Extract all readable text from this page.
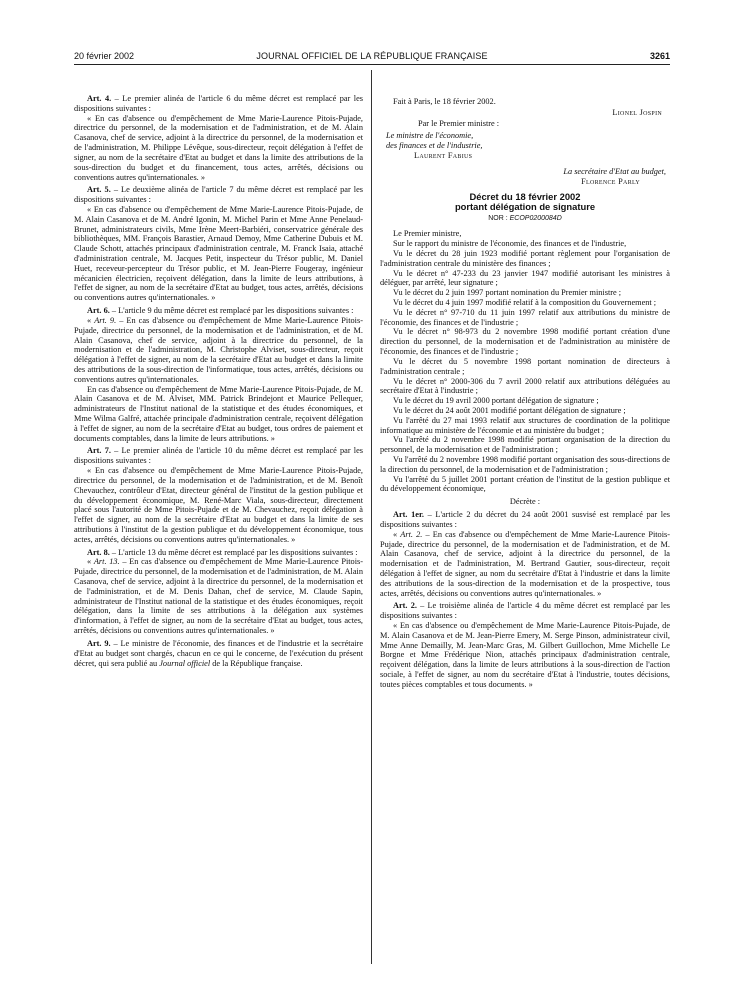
20 février 2002	JOURNAL OFFICIEL DE LA RÉPUBLIQUE FRANÇAISE	3261

Art. 4. – Le premier alinéa de l'article 6 du même décret est remplacé par les dispositions suivantes :

« En cas d'absence ou d'empêchement de Mme Marie-Laurence Pitois-Pujade, directrice du personnel, de la modernisation et de l'administration, et de M. Alain Casanova, chef de service, adjoint à la directrice du personnel, de la modernisation et de l'administration, M. Philippe Lévêque, sous-directeur, reçoit délégation à l'effet de signer, au nom de la secrétaire d'Etat au budget et dans la limite des attributions de la sous-direction du budget et du financement, tous actes, arrêtés, décisions ou conventions autres qu'internationales. »

Art. 5. – Le deuxième alinéa de l'article 7 du même décret est remplacé par les dispositions suivantes :

« En cas d'absence ou d'empêchement de Mme Marie-Laurence Pitois-Pujade, de M. Alain Casanova et de M. André Igonin, M. Michel Parin et Mme Anne Penelaud-Brunet, administrateurs civils, Mme Irène Meert-Barbiéri, conservatrice générale des bibliothèques, MM. François Barastier, Arnaud Demoy, Mme Catherine Dubuis et M. Claude Schott, attachés principaux d'administration centrale, M. Franck Isaia, attaché d'administration centrale, M. Jacques Petit, inspecteur du Trésor public, M. Daniel Huet, receveur-percepteur du Trésor public, et M. Jean-Pierre Fougeray, ingénieur mécanicien électricien, reçoivent délégation, dans la limite de leurs attributions, à l'effet de signer, au nom de la secrétaire d'Etat au budget, tous actes, arrêtés, décisions ou conventions autres qu'internationales. »

Art. 6. – L'article 9 du même décret est remplacé par les dispositions suivantes :

« Art. 9. – En cas d'absence ou d'empêchement de Mme Marie-Laurence Pitois-Pujade, directrice du personnel, de la modernisation et de l'administration, et de M. Alain Casanova, chef de service, adjoint à la directrice du personnel, de la modernisation et de l'administration, M. Christophe Alviset, sous-directeur, reçoit délégation à l'effet de signer, au nom de la secrétaire d'Etat au budget et dans la limite des attributions de la sous-direction de l'informatique, tous actes, arrêtés, décisions ou conventions autres qu'internationales.

En cas d'absence ou d'empêchement de Mme Marie-Laurence Pitois-Pujade, de M. Alain Casanova et de M. Alviset, MM. Patrick Brindejont et Maurice Pellequer, administrateurs de l'Institut national de la statistique et des études économiques, et Mme Wilma Galfré, attachée principale d'administration centrale, reçoivent délégation à l'effet de signer, au nom de la secrétaire d'Etat au budget, tous ordres de paiement et documents comptables, dans la limite de leurs attributions. »

Art. 7. – Le premier alinéa de l'article 10 du même décret est remplacé par les dispositions suivantes :

« En cas d'absence ou d'empêchement de Mme Marie-Laurence Pitois-Pujade, directrice du personnel, de la modernisation et de l'administration, et de M. Benoît Chevauchez, contrôleur d'Etat, directeur général de l'institut de la gestion publique et du développement économique, M. René-Marc Viala, sous-directeur, directement placé sous l'autorité de Mme Pitois-Pujade et de M. Chevauchez, reçoit délégation à l'effet de signer, au nom de la secrétaire d'Etat au budget et dans la limite de ses attributions à l'institut de la gestion publique et du développement économique, tous actes, arrêtés, décisions ou conventions autres qu'internationales. »

Art. 8. – L'article 13 du même décret est remplacé par les dispositions suivantes :

« Art. 13. – En cas d'absence ou d'empêchement de Mme Marie-Laurence Pitois-Pujade, directrice du personnel, de la modernisation et de l'administration, de M. Alain Casanova, chef de service, adjoint à la directrice du personnel, de la modernisation et de l'administration, et de M. Denis Dahan, chef de service, M. Claude Sapin, administrateur de l'Institut national de la statistique et des études économiques, reçoit délégation, dans la limite de ses attributions à la délégation aux systèmes d'information, à l'effet de signer, au nom de la secrétaire d'Etat au budget, tous actes, arrêtés, décisions ou conventions autres qu'internationales. »

Art. 9. – Le ministre de l'économie, des finances et de l'industrie et la secrétaire d'Etat au budget sont chargés, chacun en ce qui le concerne, de l'exécution du présent décret, qui sera publié au Journal officiel de la République française.

Fait à Paris, le 18 février 2002.

Lionel Jospin
Par le Premier ministre :
Le ministre de l'économie,
des finances et de l'industrie,
Laurent Fabius
La secrétaire d'Etat au budget,
Florence Parly
Décret du 18 février 2002
portant délégation de signature
NOR : ECOP0200084D

Le Premier ministre,

Sur le rapport du ministre de l'économie, des finances et de l'industrie,

Vu le décret du 28 juin 1923 modifié portant règlement pour l'organisation de l'administration centrale du ministère des finances ;

Vu le décret n° 47-233 du 23 janvier 1947 modifié autorisant les ministres à déléguer, par arrêté, leur signature ;

Vu le décret du 2 juin 1997 portant nomination du Premier ministre ;

Vu le décret du 4 juin 1997 modifié relatif à la composition du Gouvernement ;

Vu le décret n° 97-710 du 11 juin 1997 relatif aux attributions du ministre de l'économie, des finances et de l'industrie ;

Vu le décret n° 98-973 du 2 novembre 1998 modifié portant création d'une direction du personnel, de la modernisation et de l'administration au ministère de l'économie, des finances et de l'industrie ;

Vu le décret du 5 novembre 1998 portant nomination de directeurs à l'administration centrale ;

Vu le décret n° 2000-306 du 7 avril 2000 relatif aux attributions déléguées au secrétaire d'Etat à l'industrie ;

Vu le décret du 19 avril 2000 portant délégation de signature ;

Vu le décret du 24 août 2001 modifié portant délégation de signature ;

Vu l'arrêté du 27 mai 1993 relatif aux structures de coordination de la politique informatique au ministère de l'économie et au ministère du budget ;

Vu l'arrêté du 2 novembre 1998 modifié portant organisation de la direction du personnel, de la modernisation et de l'administration ;

Vu l'arrêté du 2 novembre 1998 modifié portant organisation des sous-directions de la direction du personnel, de la modernisation et de l'administration ;

Vu l'arrêté du 5 juillet 2001 portant création de l'institut de la gestion publique et du développement économique,

Décrète :

Art. 1er. – L'article 2 du décret du 24 août 2001 susvisé est remplacé par les dispositions suivantes :

« Art. 2. – En cas d'absence ou d'empêchement de Mme Marie-Laurence Pitois-Pujade, directrice du personnel, de la modernisation et de l'administration, et de M. Alain Casanova, chef de service, adjoint à la directrice du personnel, de la modernisation et de l'administration, M. Bertrand Gautier, sous-directeur, reçoit délégation à l'effet de signer, au nom du secrétaire d'Etat à l'industrie et dans la limite des attributions de la sous-direction de la modernisation et de la prospective, tous actes, arrêtés, décisions ou conventions autres qu'internationales. »

Art. 2. – Le troisième alinéa de l'article 4 du même décret est remplacé par les dispositions suivantes :

« En cas d'absence ou d'empêchement de Mme Marie-Laurence Pitois-Pujade, de M. Alain Casanova et de M. Jean-Pierre Emery, M. Serge Pinson, administrateur civil, Mme Anne Demailly, M. Jean-Marc Gras, M. Gilbert Guillochon, Mme Michelle Le Borgne et Mme Frédérique Nion, attachés principaux d'administration centrale, reçoivent délégation, dans la limite de leurs attributions à la sous-direction de l'action sociale, à l'effet de signer, au nom du secrétaire d'Etat à l'industrie, toutes décisions, toutes pièces comptables et tous documents. »
